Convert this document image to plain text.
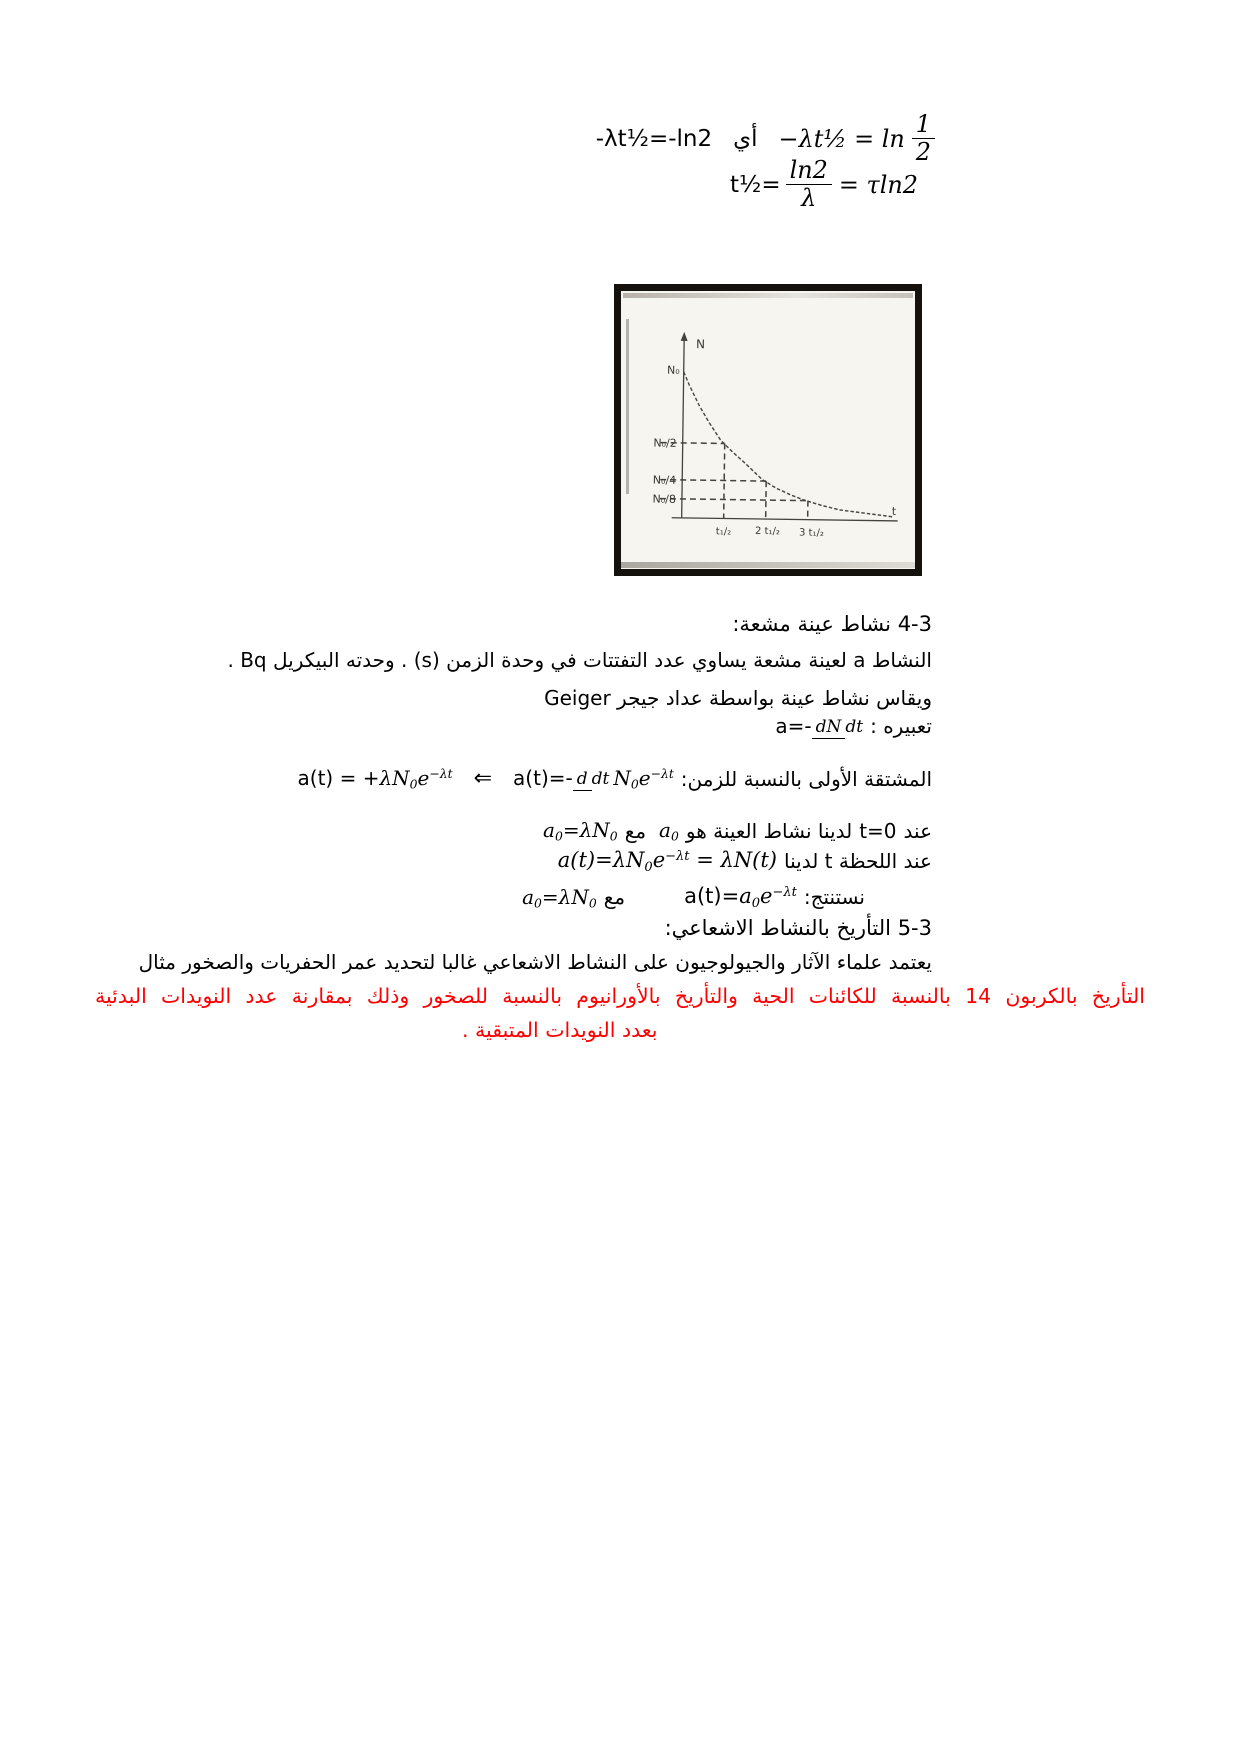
-λt½=-ln2 أي −λt½ = $\ln \frac{1}{2}$
t½= $\frac{\ln 2}{\lambda} = \tau\ln 2$
N
N₀
N₀/2
N₀/4
N₀/8
t₁/₂ 2 t₁/₂ 3 t₁/₂
t
4-3 نشاط عينة مشعة:
النشاط a لعينة مشعة يساوي عدد التفتتات في وحدة الزمن (s) . وحدته البيكريل Bq .
ويقاس نشاط عينة بواسطة عداد جيجر Geiger
تعبيره :
a=- dN dt
المشتقة الأولى بالنسبة للزمن:
a(t)=- d dt $N0e^{-\lambda t}$
⇐
$a(t) = +\lambda N0e^{-\lambda t}$
عند
t=0
لدينا نشاط العينة هو
a0
مع
a0=λN0
عند اللحظة t لدينا
$a(t)=\lambda N0e^{-\lambda t} = \lambda N(t)$
نستنتج:
$a(t)=a0e^{-\lambda t}$
مع
a0=λN0
5-3 التأريخ بالنشاط الاشعاعي:
يعتمد علماء الآثار والجيولوجيون على النشاط الاشعاعي غالبا لتحديد عمر الحفريات والصخور مثال
التأريخ بالكربون 14 بالنسبة للكائنات الحية والتأريخ بالأورانيوم بالنسبة للصخور وذلك بمقارنة عدد النويدات البدئية
بعدد النويدات المتبقية .
